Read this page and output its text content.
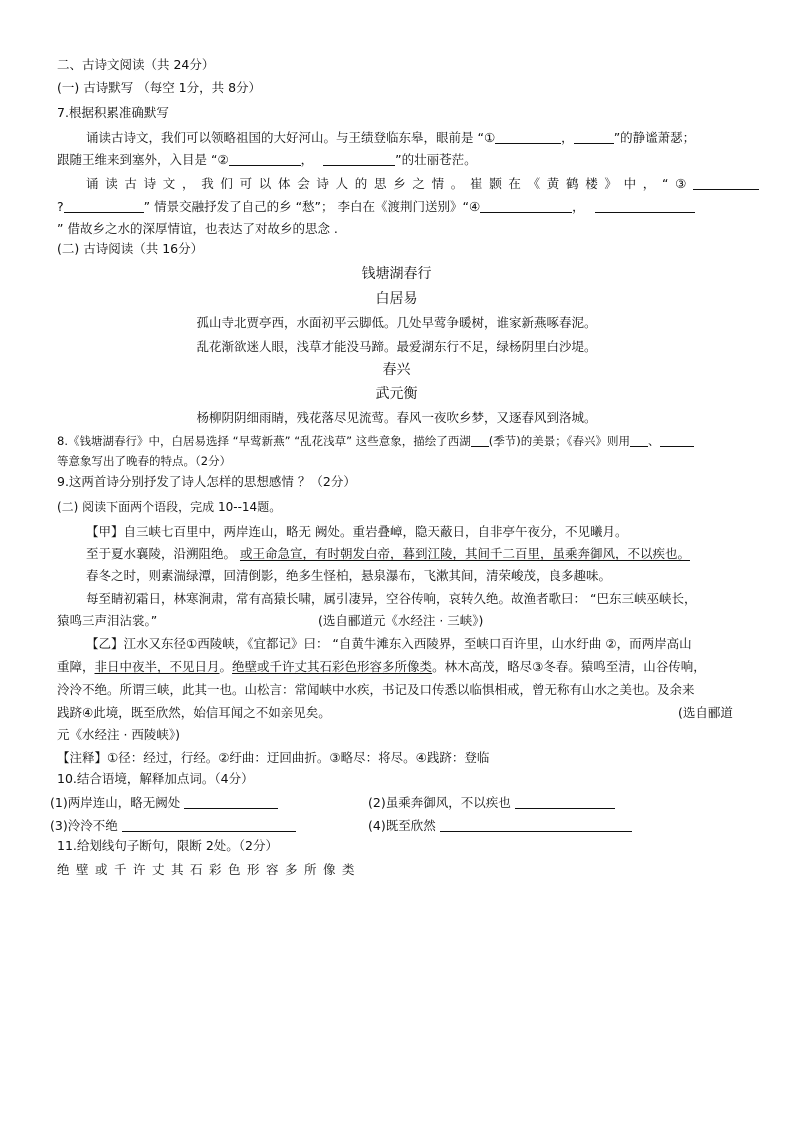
二、古诗文阅读（共 24分）
(一) 古诗默写 （每空 1分，共 8分）
7.根据积累准确默写
诵读古诗文，我们可以领略祖国的大好河山。与王绩登临东皋，眼前是 “①	，	”的静谧萧瑟；
跟随王维来到塞外，入目是 “②	，	”的壮丽苍茫。
诵读古诗文，我们可以体会诗人的思乡之情。崔颢在《黄鹤楼》中，“③
?	” 情景交融抒发了自己的乡 “愁”； 李白在《渡荆门送别》“④	，
” 借故乡之水的深厚情谊，也表达了对故乡的思念 .
(二) 古诗阅读（共 16分）
钱塘湖春行
白居易
孤山寺北贾亭西，水面初平云脚低。几处早莺争暖树，谁家新燕啄春泥。
乱花渐欲迷人眼，浅草才能没马蹄。最爱湖东行不足，绿杨阴里白沙堤。
春兴
武元衡
杨柳阴阴细雨睛，残花落尽见流莺。春风一夜吹乡梦，又逐春风到洛城。
8.《钱塘湖春行》中，白居易选择 “早莺新燕” “乱花浅草” 这些意象，描绘了西湖 (季节)的美景；《春兴》则用 、
等意象写出了晚春的特点。（2分）
9.这两首诗分别抒发了诗人怎样的思想感情 ？（2分）
(二) 阅读下面两个语段，完成 10--14题。
【甲】自三峡七百里中，两岸连山，略无 阙处。重岩叠嶂，隐天蔽日，自非亭午夜分，不见曦月。
至于夏水襄陵，沿溯阻绝。 或王命急宣，有时朝发白帝，暮到江陵，其间千二百里，虽乘奔御风，不以疾也。
春冬之时，则素湍绿潭，回清倒影，绝多生怪柏，悬泉瀑布，飞漱其间，清荣峻茂，良多趣味。
每至睛初霜日，林寒涧肃，常有高猿长啸，属引凄异，空谷传响，哀转久绝。故渔者歌曰： “巴东三峡巫峡长，
猿鸣三声泪沾裳。”	(选自郦道元《水经注 · 三峡》)
【乙】江水又东径①西陵峡，《宜都记》曰： “自黄牛滩东入西陵界，至峡口百许里，山水纡曲 ②，而两岸高山
重障，非日中夜半，不见日月。绝壁或千许丈其石彩色形容多所像类。林木高茂，略尽③冬春。猿鸣至清，山谷传响，
泠泠不绝。所谓三峡，此其一也。山松言：常闻峡中水疾，书记及口传悉以临惧相戒，曾无称有山水之美也。及余来
践跻④此境，既至欣然，始信耳闻之不如亲见矣。	(选自郦道
元《水经注 · 西陵峡》)
【注释】①径：经过，行经。②纡曲：迂回曲折。③略尽：将尽。④践跻：登临
10.结合语境，解释加点词。（4分）
(1)两岸连山，略无阙处	(2)虽乘奔御风，不以疾也
(3)泠泠不绝	(4)既至欣然
11.给划线句子断句，限断 2处。（2分）
绝壁或千许丈其石彩色形容多所像类
